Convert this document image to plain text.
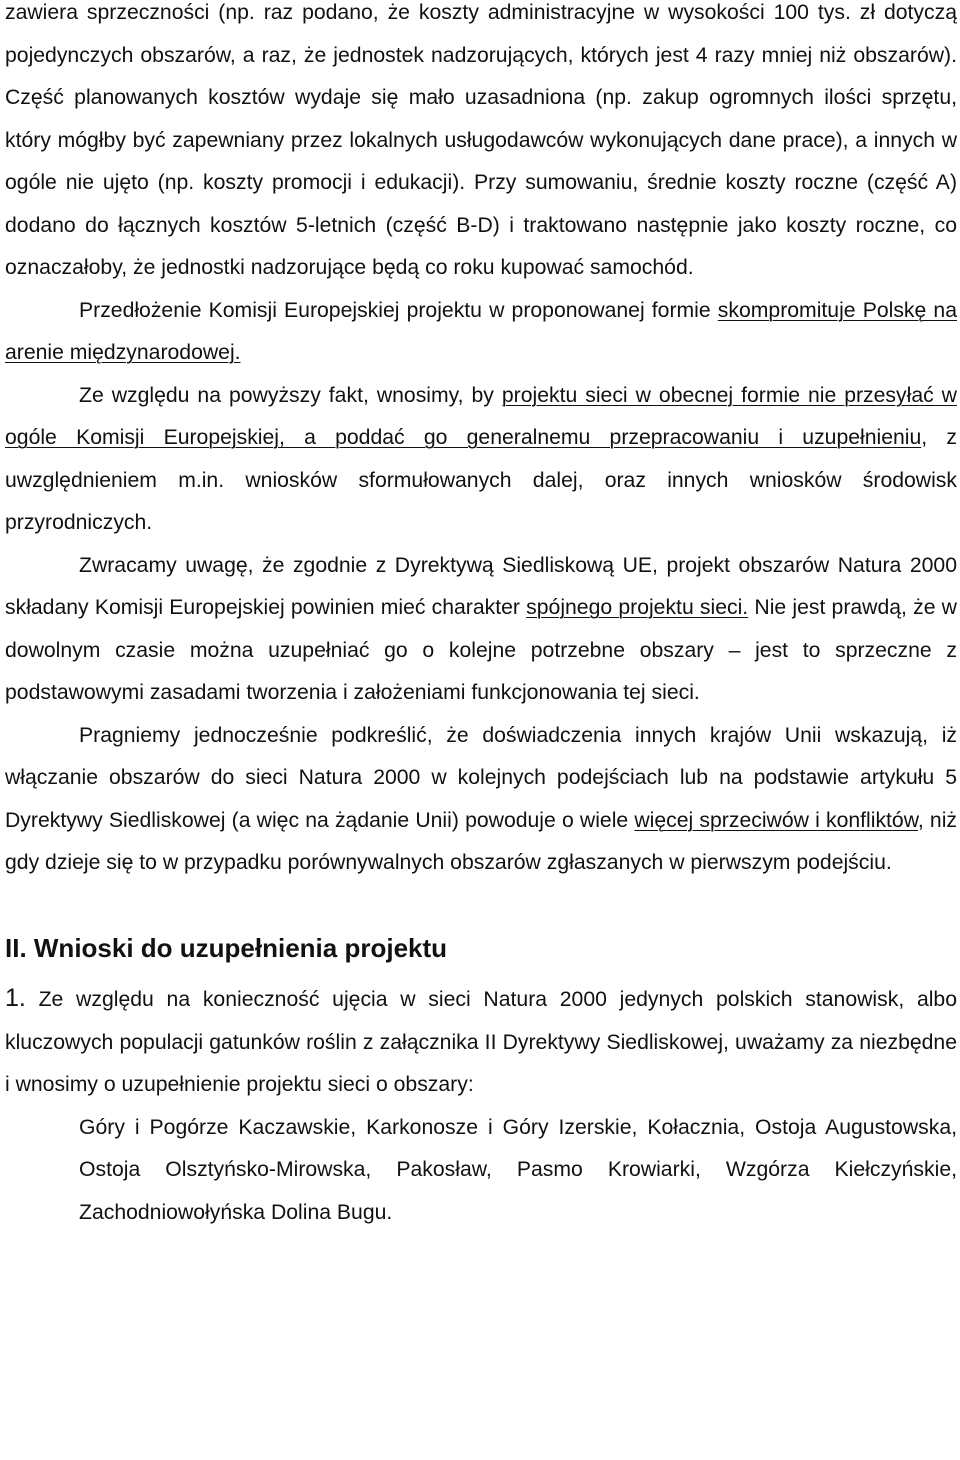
zawiera sprzeczności (np. raz podano, że koszty administracyjne w wysokości 100 tys. zł dotyczą pojedynczych obszarów, a raz, że jednostek nadzorujących, których jest 4 razy mniej niż obszarów). Część planowanych kosztów wydaje się mało uzasadniona (np. zakup ogromnych ilości sprzętu, który mógłby być zapewniany przez lokalnych usługodawców wykonujących dane prace), a innych w ogóle nie ujęto (np. koszty promocji i edukacji). Przy sumowaniu, średnie koszty roczne (część A) dodano do łącznych kosztów 5-letnich (część B-D) i traktowano następnie jako koszty roczne, co oznaczałoby, że jednostki nadzorujące będą co roku kupować samochód.

Przedłożenie Komisji Europejskiej projektu w proponowanej formie skompromituje Polskę na arenie międzynarodowej.

Ze względu na powyższy fakt, wnosimy, by projektu sieci w obecnej formie nie przesyłać w ogóle Komisji Europejskiej, a poddać go generalnemu przepracowaniu i uzupełnieniu, z uwzględnieniem m.in. wniosków sformułowanych dalej, oraz innych wniosków środowisk przyrodniczych.

Zwracamy uwagę, że zgodnie z Dyrektywą Siedliskową UE, projekt obszarów Natura 2000 składany Komisji Europejskiej powinien mieć charakter spójnego projektu sieci. Nie jest prawdą, że w dowolnym czasie można uzupełniać go o kolejne potrzebne obszary – jest to sprzeczne z podstawowymi zasadami tworzenia i założeniami funkcjonowania tej sieci.

Pragniemy jednocześnie podkreślić, że doświadczenia innych krajów Unii wskazują, iż włączanie obszarów do sieci Natura 2000 w kolejnych podejściach lub na podstawie artykułu 5 Dyrektywy Siedliskowej (a więc na żądanie Unii) powoduje o wiele więcej sprzeciwów i konfliktów, niż gdy dzieje się to w przypadku porównywalnych obszarów zgłaszanych w pierwszym podejściu.

II. Wnioski do uzupełnienia projektu

1. Ze względu na konieczność ujęcia w sieci Natura 2000 jedynych polskich stanowisk, albo kluczowych populacji gatunków roślin z załącznika II Dyrektywy Siedliskowej, uważamy za niezbędne i wnosimy o uzupełnienie projektu sieci o obszary:

Góry i Pogórze Kaczawskie, Karkonosze i Góry Izerskie, Kołacznia, Ostoja Augustowska, Ostoja Olsztyńsko-Mirowska, Pakosław, Pasmo Krowiarki, Wzgórza Kiełczyńskie, Zachodniowołyńska Dolina Bugu.
